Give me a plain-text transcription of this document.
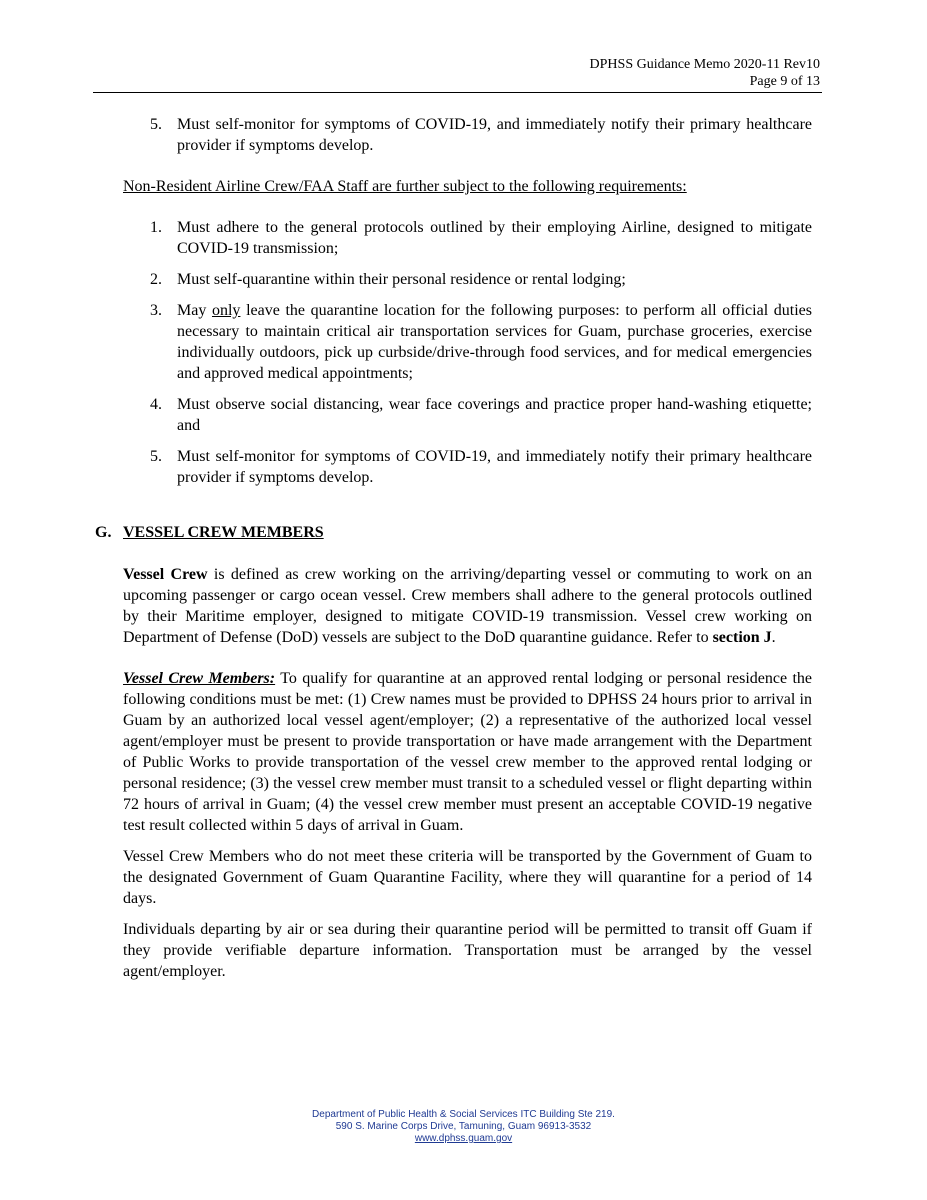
DPHSS Guidance Memo 2020-11 Rev10
Page 9 of 13
5. Must self-monitor for symptoms of COVID-19, and immediately notify their primary healthcare provider if symptoms develop.

Non-Resident Airline Crew/FAA Staff are further subject to the following requirements:

1. Must adhere to the general protocols outlined by their employing Airline, designed to mitigate COVID-19 transmission;
2. Must self-quarantine within their personal residence or rental lodging;
3. May only leave the quarantine location for the following purposes: to perform all official duties necessary to maintain critical air transportation services for Guam, purchase groceries, exercise individually outdoors, pick up curbside/drive-through food services, and for medical emergencies and approved medical appointments;
4. Must observe social distancing, wear face coverings and practice proper hand-washing etiquette; and
5. Must self-monitor for symptoms of COVID-19, and immediately notify their primary healthcare provider if symptoms develop.
G. VESSEL CREW MEMBERS

Vessel Crew is defined as crew working on the arriving/departing vessel or commuting to work on an upcoming passenger or cargo ocean vessel. Crew members shall adhere to the general protocols outlined by their Maritime employer, designed to mitigate COVID-19 transmission. Vessel crew working on Department of Defense (DoD) vessels are subject to the DoD quarantine guidance. Refer to section J.

Vessel Crew Members: To qualify for quarantine at an approved rental lodging or personal residence the following conditions must be met: (1) Crew names must be provided to DPHSS 24 hours prior to arrival in Guam by an authorized local vessel agent/employer; (2) a representative of the authorized local vessel agent/employer must be present to provide transportation or have made arrangement with the Department of Public Works to provide transportation of the vessel crew member to the approved rental lodging or personal residence; (3) the vessel crew member must transit to a scheduled vessel or flight departing within 72 hours of arrival in Guam; (4) the vessel crew member must present an acceptable COVID-19 negative test result collected within 5 days of arrival in Guam.

Vessel Crew Members who do not meet these criteria will be transported by the Government of Guam to the designated Government of Guam Quarantine Facility, where they will quarantine for a period of 14 days.

Individuals departing by air or sea during their quarantine period will be permitted to transit off Guam if they provide verifiable departure information. Transportation must be arranged by the vessel agent/employer.

Department of Public Health & Social Services ITC Building Ste 219.
590 S. Marine Corps Drive, Tamuning, Guam 96913-3532
www.dphss.guam.gov
